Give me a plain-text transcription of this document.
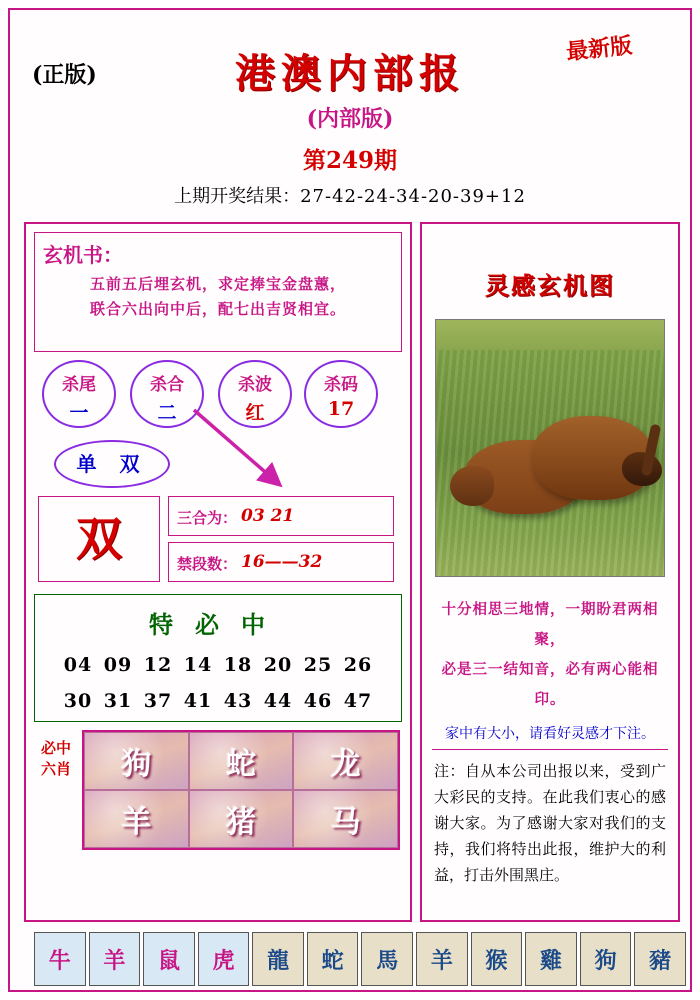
(正版)	港澳内部报
最新版
(内部版)
第249期
上期开奖结果：27-42-24-34-20-39+12
玄机书：
五前五后埋玄机，求定捧宝金盘蕙，
联合六出向中后，配七出吉贤相宜。
杀尾
一
杀合
二
杀波
红
杀码
17
单 双
双	三合为： 03 21
禁段数： 16——32
特必中
04 09 12 14 18 20 25 26
30 31 37 41 43 44 46 47
必中六肖 狗 蛇 龙
羊 猪 马
灵感玄机图
十分相思三地情，一期盼君两相聚，
必是三一结知音，必有两心能相印。
家中有大小，请看好灵感才下注。
注：自从本公司出报以来，受到广大彩民的支持。在此我们衷心的感谢大家。为了感谢大家对我们的支持，我们将特出此报，维护大的利益，打击外围黑庄。
牛	羊	鼠	虎	龍	蛇	馬	羊	猴	雞	狗	豬
